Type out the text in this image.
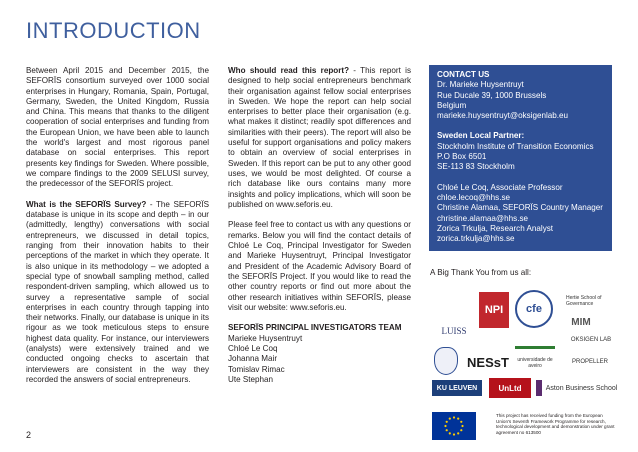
INTRODUCTION

Between April 2015 and December 2015, the SEFORÏS consortium surveyed over 1000 social enterprises in Hungary, Romania, Spain, Portugal, Germany, Sweden, the United Kingdom, Russia and China. This means that thanks to the diligent cooperation of social enterprises and funding from the European Union, we have been able to launch the world's largest and most rigorous panel database on social enterprises. This report presents key findings for Sweden. Where possible, we compare findings to the 2009 SELUSI survey, the predecessor of the SEFORÏS project.

What is the SEFORÏS Survey? - The SEFORÏS database is unique in its scope and depth – in our (admittedly, lengthy) conversations with social entrepreneurs, we discussed in detail topics, ranging from their innovation habits to their perceptions of the market in which they operate. It is also unique in its methodology – we adopted a special type of snowball sampling method, called respondent-driven sampling, which allowed us to survey a representative sample of social enterprises in each country through tapping into their networks. Finally, our database is unique in its rigour as we took meticulous steps to ensure highest data quality. For instance, our interviewers (analysts) were extensively trained and we conducted ongoing checks to ascertain that interviewers are consistent in the way they recorded the answers of social entrepreneurs.

Who should read this report? - This report is designed to help social entrepreneurs benchmark their organisation against fellow social enterprises in Sweden. We hope the report can help social enterprises to better place their organisation (e.g. what makes it distinct; readily spot differences and similarities with their peers). The report will also be useful for support organisations and policy makers to obtain an overview of social enterprises in Sweden. If this report can be put to any other good uses, we would be most delighted. Of course a rich database like ours contains many more insights and policy implications, which will soon be published on www.seforis.eu.

Please feel free to contact us with any questions or remarks. Below you will find the contact details of Chloé Le Coq, Principal Investigator for Sweden and Marieke Huysentruyt, Principal Investigator and President of the Academic Advisory Board of the SEFORÏS Project. If you would like to read the other country reports or find out more about the other research initiatives within SEFORÏS, please visit our website: www.seforis.eu.

SEFORÏS PRINCIPAL INVESTIGATORS TEAM
Marieke Huysentruyt
Chloé Le Coq
Johanna Mair
Tomislav Rimac
Ute Stephan
CONTACT US
Dr. Marieke Huysentruyt
Rue Ducale 39, 1000 Brussels
Belgium
marieke.huysentruyt@oksigenlab.eu
Sweden Local Partner:
Stockholm Institute of Transition Economics
P.O Box 6501
SE-113 83 Stockholm
Chloé Le Coq, Associate Professor
chloe.lecoq@hhs.se
Christine Alamaa, SEFORÏS Country Manager
christine.alamaa@hhs.se
Zorica Trkulja, Research Analyst
zorica.trkulja@hhs.se
A Big Thank You from us all:
LUISS
NPI cfe
Hertie School of Governance
MIM
OKSIGEN LAB
NESsT	universidade de aveiro
PROPELLER
KU LEUVEN	UnLtd	Aston Business School
This project has received funding from the European Union's Seventh Framework Programme for research, technological development and demonstration under grant agreement no 613500
2
